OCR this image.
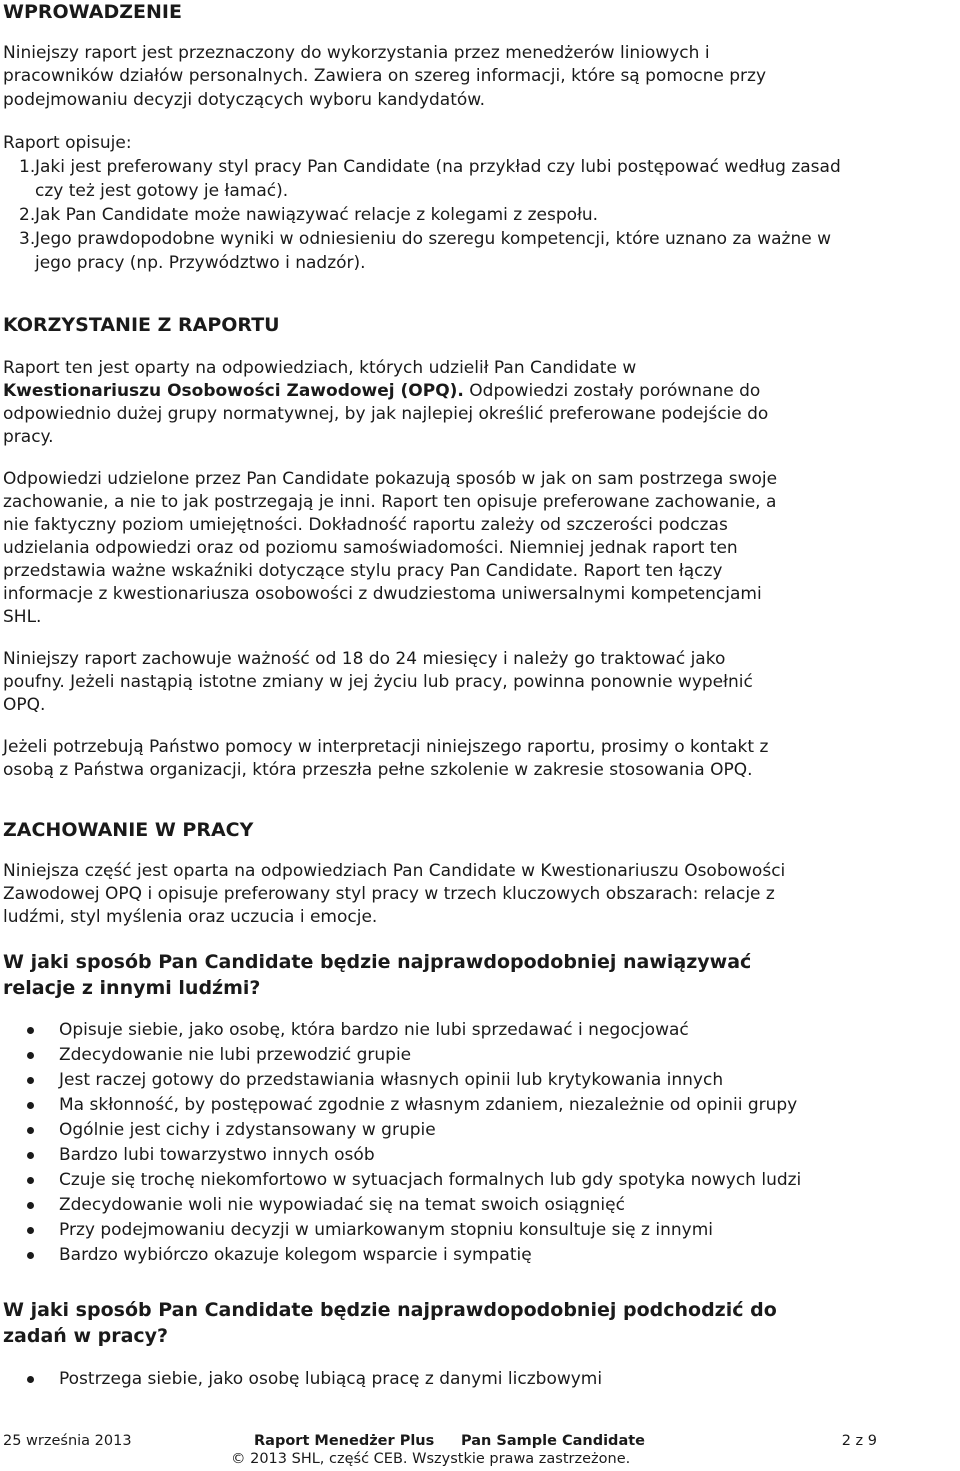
WPROWADZENIE

Niniejszy raport jest przeznaczony do wykorzystania przez menedżerów liniowych i

pracowników działów personalnych. Zawiera on szereg informacji, które są pomocne przy

podejmowaniu decyzji dotyczących wyboru kandydatów.

Raport opisuje:

1. Jaki jest preferowany styl pracy Pan Candidate (na przykład czy lubi postępować według zasad
czy też jest gotowy je łamać).
2. Jak Pan Candidate może nawiązywać relacje z kolegami z zespołu.
3. Jego prawdopodobne wyniki w odniesieniu do szeregu kompetencji, które uznano za ważne w
jego pracy (np. Przywództwo i nadzór).
KORZYSTANIE Z RAPORTU

Raport ten jest oparty na odpowiedziach, których udzielił Pan Candidate w

Kwestionariuszu Osobowości Zawodowej (OPQ). Odpowiedzi zostały porównane do

odpowiednio dużej grupy normatywnej, by jak najlepiej określić preferowane podejście do

pracy.

Odpowiedzi udzielone przez Pan Candidate pokazują sposób w jak on sam postrzega swoje

zachowanie, a nie to jak postrzegają je inni. Raport ten opisuje preferowane zachowanie, a

nie faktyczny poziom umiejętności. Dokładność raportu zależy od szczerości podczas

udzielania odpowiedzi oraz od poziomu samoświadomości. Niemniej jednak raport ten

przedstawia ważne wskaźniki dotyczące stylu pracy Pan Candidate. Raport ten łączy

informacje z kwestionariusza osobowości z dwudziestoma uniwersalnymi kompetencjami

SHL.

Niniejszy raport zachowuje ważność od 18 do 24 miesięcy i należy go traktować jako

poufny. Jeżeli nastąpią istotne zmiany w jej życiu lub pracy, powinna ponownie wypełnić

OPQ.

Jeżeli potrzebują Państwo pomocy w interpretacji niniejszego raportu, prosimy o kontakt z

osobą z Państwa organizacji, która przeszła pełne szkolenie w zakresie stosowania OPQ.

ZACHOWANIE W PRACY

Niniejsza część jest oparta na odpowiedziach Pan Candidate w Kwestionariuszu Osobowości

Zawodowej OPQ i opisuje preferowany styl pracy w trzech kluczowych obszarach: relacje z

ludźmi, styl myślenia oraz uczucia i emocje.

W jaki sposób Pan Candidate będzie najprawdopodobniej nawiązywać
relacje z innymi ludźmi?
Opisuje siebie, jako osobę, która bardzo nie lubi sprzedawać i negocjować
Zdecydowanie nie lubi przewodzić grupie
Jest raczej gotowy do przedstawiania własnych opinii lub krytykowania innych
Ma skłonność, by postępować zgodnie z własnym zdaniem, niezależnie od opinii grupy
Ogólnie jest cichy i zdystansowany w grupie
Bardzo lubi towarzystwo innych osób
Czuje się trochę niekomfortowo w sytuacjach formalnych lub gdy spotyka nowych ludzi
Zdecydowanie woli nie wypowiadać się na temat swoich osiągnięć
Przy podejmowaniu decyzji w umiarkowanym stopniu konsultuje się z innymi
Bardzo wybiórczo okazuje kolegom wsparcie i sympatię
W jaki sposób Pan Candidate będzie najprawdopodobniej podchodzić do
zadań w pracy?
Postrzega siebie, jako osobę lubiącą pracę z danymi liczbowymi
25 września 2013	Raport Menedżer Plus Pan Sample Candidate	2 z 9
© 2013 SHL, część CEB. Wszystkie prawa zastrzeżone.
